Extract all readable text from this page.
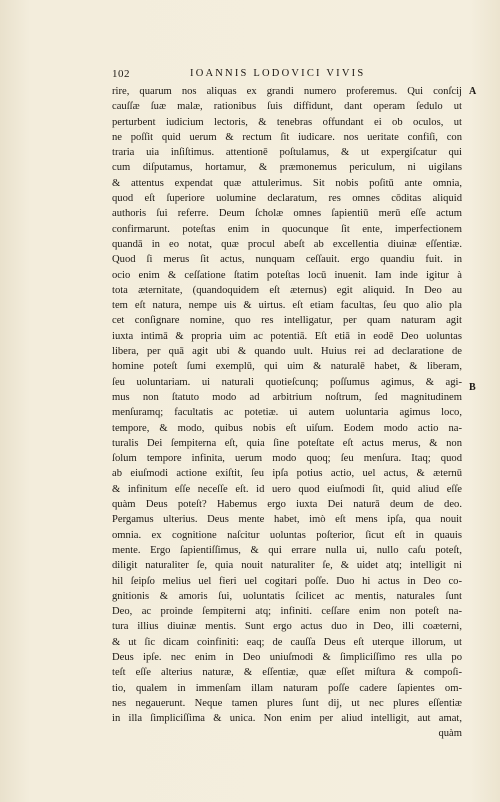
102	IOANNIS LODOVICI VIVIS
A
B
rire, quarum nos aliquas ex grandi numero proferemus. Qui conſcij
cauſſæ ſuæ malæ, rationibus ſuis diffidunt, dant operam ſedulo ut
perturbent iudicium lectoris, & tenebras offundant ei ob oculos, ut
ne poſſit quid uerum & rectum ſit iudicare. nos ueritate confiſi, con
traria uia inſiſtimus. attentionē poſtulamus, & ut expergiſcatur qui
cum diſputamus, hortamur, & præmonemus periculum, ni uigilans
& attentus expendat quæ attulerimus. Sit nobis poſitū ante omnia,
quod eſt ſuperiore uolumine declaratum, res omnes cōditas aliquid
authoris ſui referre. Deum ſcholæ omnes ſapientiū merū eſſe actum
confirmarunt. poteſtas enim in quocunque ſit ente, imperfectionem
quandā in eo notat, quæ procul abeſt ab excellentia diuinæ eſſentiæ.
Quod ſi merus ſit actus, nunquam ceſſauit. ergo quandiu fuit. in
ocio enim & ceſſatione ſtatim poteſtas locū inuenit. Iam inde igitur à
tota æternitate, (quandoquidem eſt æternus) egit aliquid. In Deo au
tem eſt natura, nempe uis & uirtus. eſt etiam facultas, ſeu quo alio pla
cet conſignare nomine, quo res intelligatur, per quam naturam agit
iuxta intimā & propria uim ac potentiā. Eſt etiā in eodē Deo uoluntas
libera, per quā agit ubi & quando uult. Huius rei ad declaratione de
homine poteſt ſumi exemplū, qui uim & naturalē habet, & liberam,
ſeu uoluntariam. ui naturali quotieſcunq; poſſumus agimus, & agi-
mus non ſtatuto modo ad arbitrium noſtrum, ſed magnitudinem
menſuramq; facultatis ac potetiæ. ui autem uoluntaria agimus loco,
tempore, & modo, quibus nobis eſt uiſum. Eodem modo actio na-
turalis Dei ſempiterna eſt, quia ſine poteſtate eſt actus merus, & non
ſolum tempore infinita, uerum modo quoq; ſeu menſura. Itaq; quod
ab eiuſmodi actione exiſtit, ſeu ipſa potius actio, uel actus, & æternū
& infinitum eſſe neceſſe eſt. id uero quod eiuſmodi ſit, quid aliud eſſe
quàm Deus poteſt? Habemus ergo iuxta Dei naturā deum de deo.
Pergamus ulterius. Deus mente habet, imò eſt mens ipſa, qua nouit
omnia. ex cognitione naſcitur uoluntas poſterior, ſicut eſt in quauis
mente. Ergo ſapientiſſimus, & qui errare nulla ui, nullo caſu poteſt,
diligit naturaliter ſe, quia nouit naturaliter ſe, & uidet atq; intelligit ni
hil ſeipſo melius uel fieri uel cogitari poſſe. Duo hi actus in Deo co-
gnitionis & amoris ſui, uoluntatis ſcilicet ac mentis, naturales ſunt
Deo, ac proinde ſempiterni atq; infiniti. ceſſare enim non poteſt na-
tura illius diuinæ mentis. Sunt ergo actus duo in Deo, illi coæterni,
& ut ſic dicam coinfiniti: eaq; de cauſſa Deus eſt uterque illorum, ut
Deus ipſe. nec enim in Deo uniuſmodi & ſimpliciſſimo res ulla po
teſt eſſe alterius naturæ, & eſſentiæ, quæ eſſet miſtura & compoſi-
tio, qualem in immenſam illam naturam poſſe cadere ſapientes om-
nes negauerunt. Neque tamen plures ſunt dij, ut nec plures eſſentiæ
in illa ſimpliciſſima & unica. Non enim per aliud intelligit, aut amat,
quàm
